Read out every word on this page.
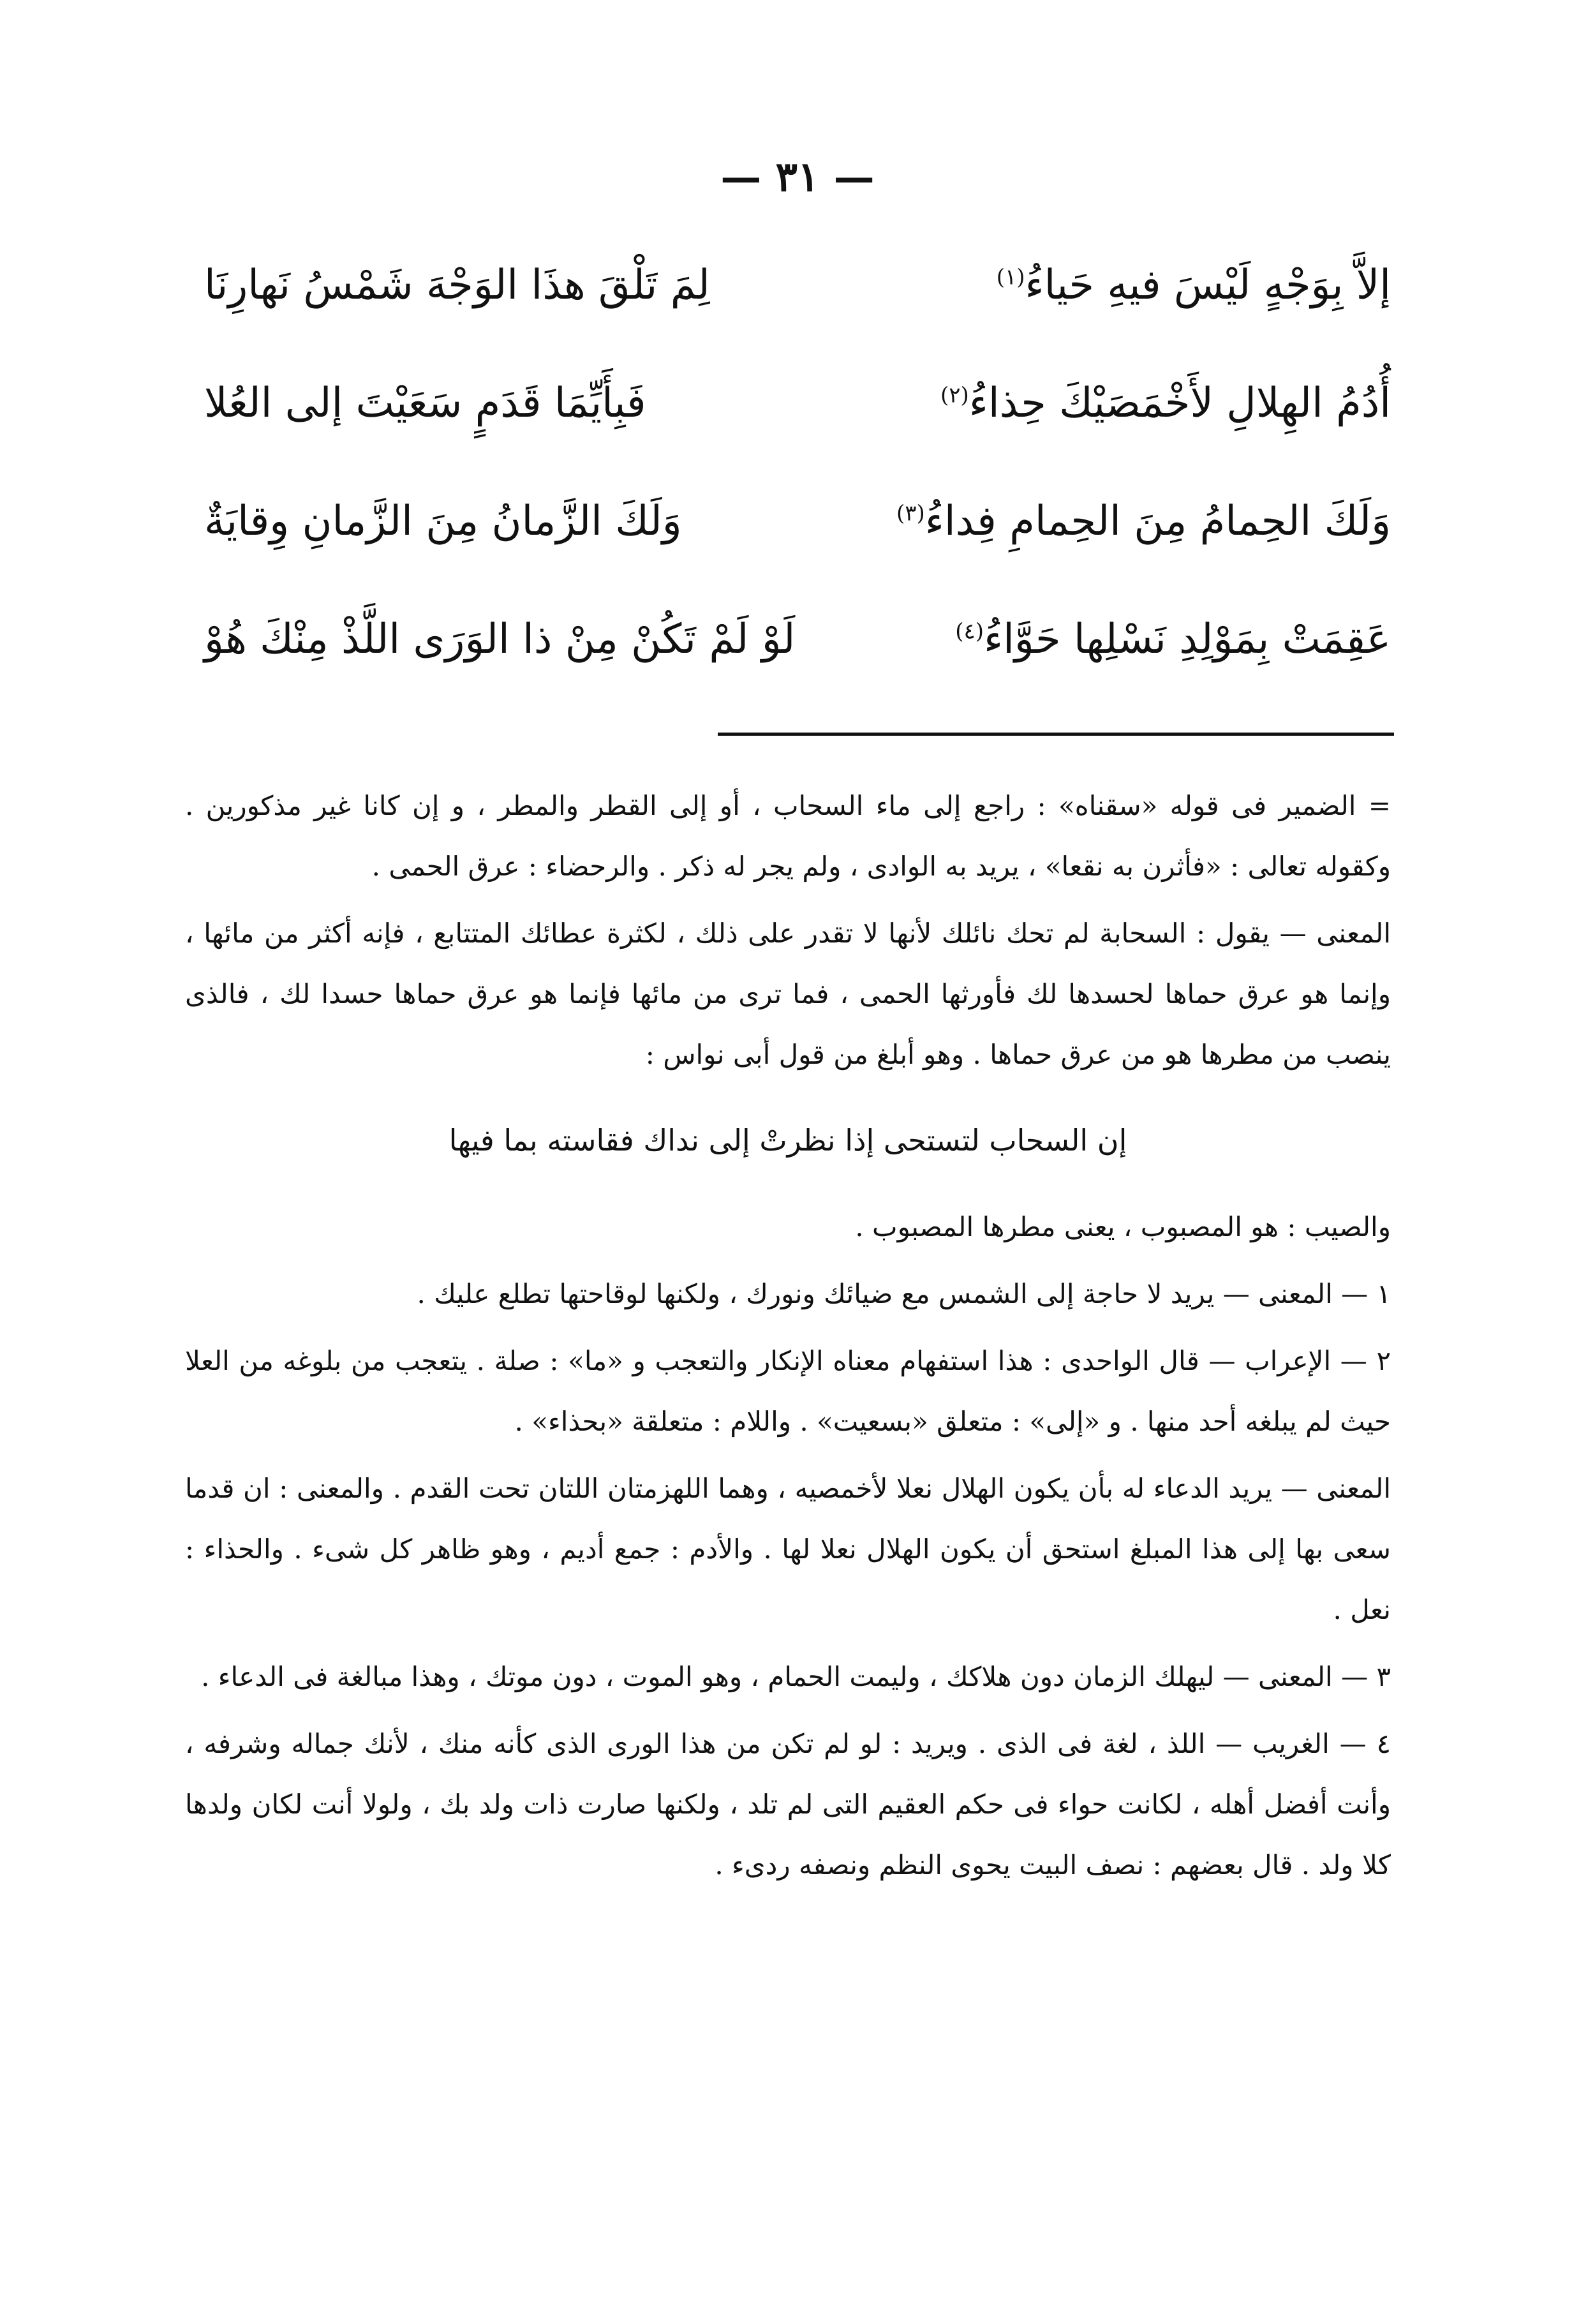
— ٣١ —
إلاَّ بِوَجْهٍ لَيْسَ فيهِ حَياءُ$^{(١)}$
لِمَ تَلْقَ هذَا الوَجْهَ شَمْسُ نَهارِنَا
أُدُمُ الهِلالِ لأَخْمَصَيْكَ حِذاءُ$^{(٢)}$
فَبِأَيِّمَا قَدَمٍ سَعَيْتَ إلى العُلا
وَلَكَ الحِمامُ مِنَ الحِمامِ فِداءُ$^{(٣)}$
وَلَكَ الزَّمانُ مِنَ الزَّمانِ وِقايَةٌ
عَقِمَتْ بِمَوْلِدِ نَسْلِها حَوَّاءُ$^{(٤)}$
لَوْ لَمْ تَكُنْ مِنْ ذا الوَرَى اللَّذْ مِنْكَ هُوْ

= الضمير فى قوله «سقناه» : راجع إلى ماء السحاب ، أو إلى القطر والمطر ، و إن كانا غير مذكورين . وكقوله تعالى : «فأثرن به نقعا» ، يريد به الوادى ، ولم يجر له ذكر . والرحضاء : عرق الحمى .

المعنى — يقول : السحابة لم تحك نائلك لأنها لا تقدر على ذلك ، لكثرة عطائك المتتابع ، فإنه أكثر من مائها ، وإنما هو عرق حماها لحسدها لك فأورثها الحمى ، فما ترى من مائها فإنما هو عرق حماها حسدا لك ، فالذى ينصب من مطرها هو من عرق حماها . وهو أبلغ من قول أبى نواس :

إن السحاب لتستحى إذا نظرتْ إلى نداك فقاسته بما فيها

والصيب : هو المصبوب ، يعنى مطرها المصبوب .

١ — المعنى — يريد لا حاجة إلى الشمس مع ضيائك ونورك ، ولكنها لوقاحتها تطلع عليك .

٢ — الإعراب — قال الواحدى : هذا استفهام معناه الإنكار والتعجب و «ما» : صلة . يتعجب من بلوغه من العلا حيث لم يبلغه أحد منها . و «إلى» : متعلق «بسعيت» . واللام : متعلقة «بحذاء» .

المعنى — يريد الدعاء له بأن يكون الهلال نعلا لأخمصيه ، وهما اللهزمتان اللتان تحت القدم . والمعنى : ان قدما سعى بها إلى هذا المبلغ استحق أن يكون الهلال نعلا لها . والأدم : جمع أديم ، وهو ظاهر كل شىء . والحذاء : نعل .

٣ — المعنى — ليهلك الزمان دون هلاكك ، وليمت الحمام ، وهو الموت ، دون موتك ، وهذا مبالغة فى الدعاء .

٤ — الغريب — اللذ ، لغة فى الذى . ويريد : لو لم تكن من هذا الورى الذى كأنه منك ، لأنك جماله وشرفه ، وأنت أفضل أهله ، لكانت حواء فى حكم العقيم التى لم تلد ، ولكنها صارت ذات ولد بك ، ولولا أنت لكان ولدها كلا ولد . قال بعضهم : نصف البيت يحوى النظم ونصفه ردىء .
